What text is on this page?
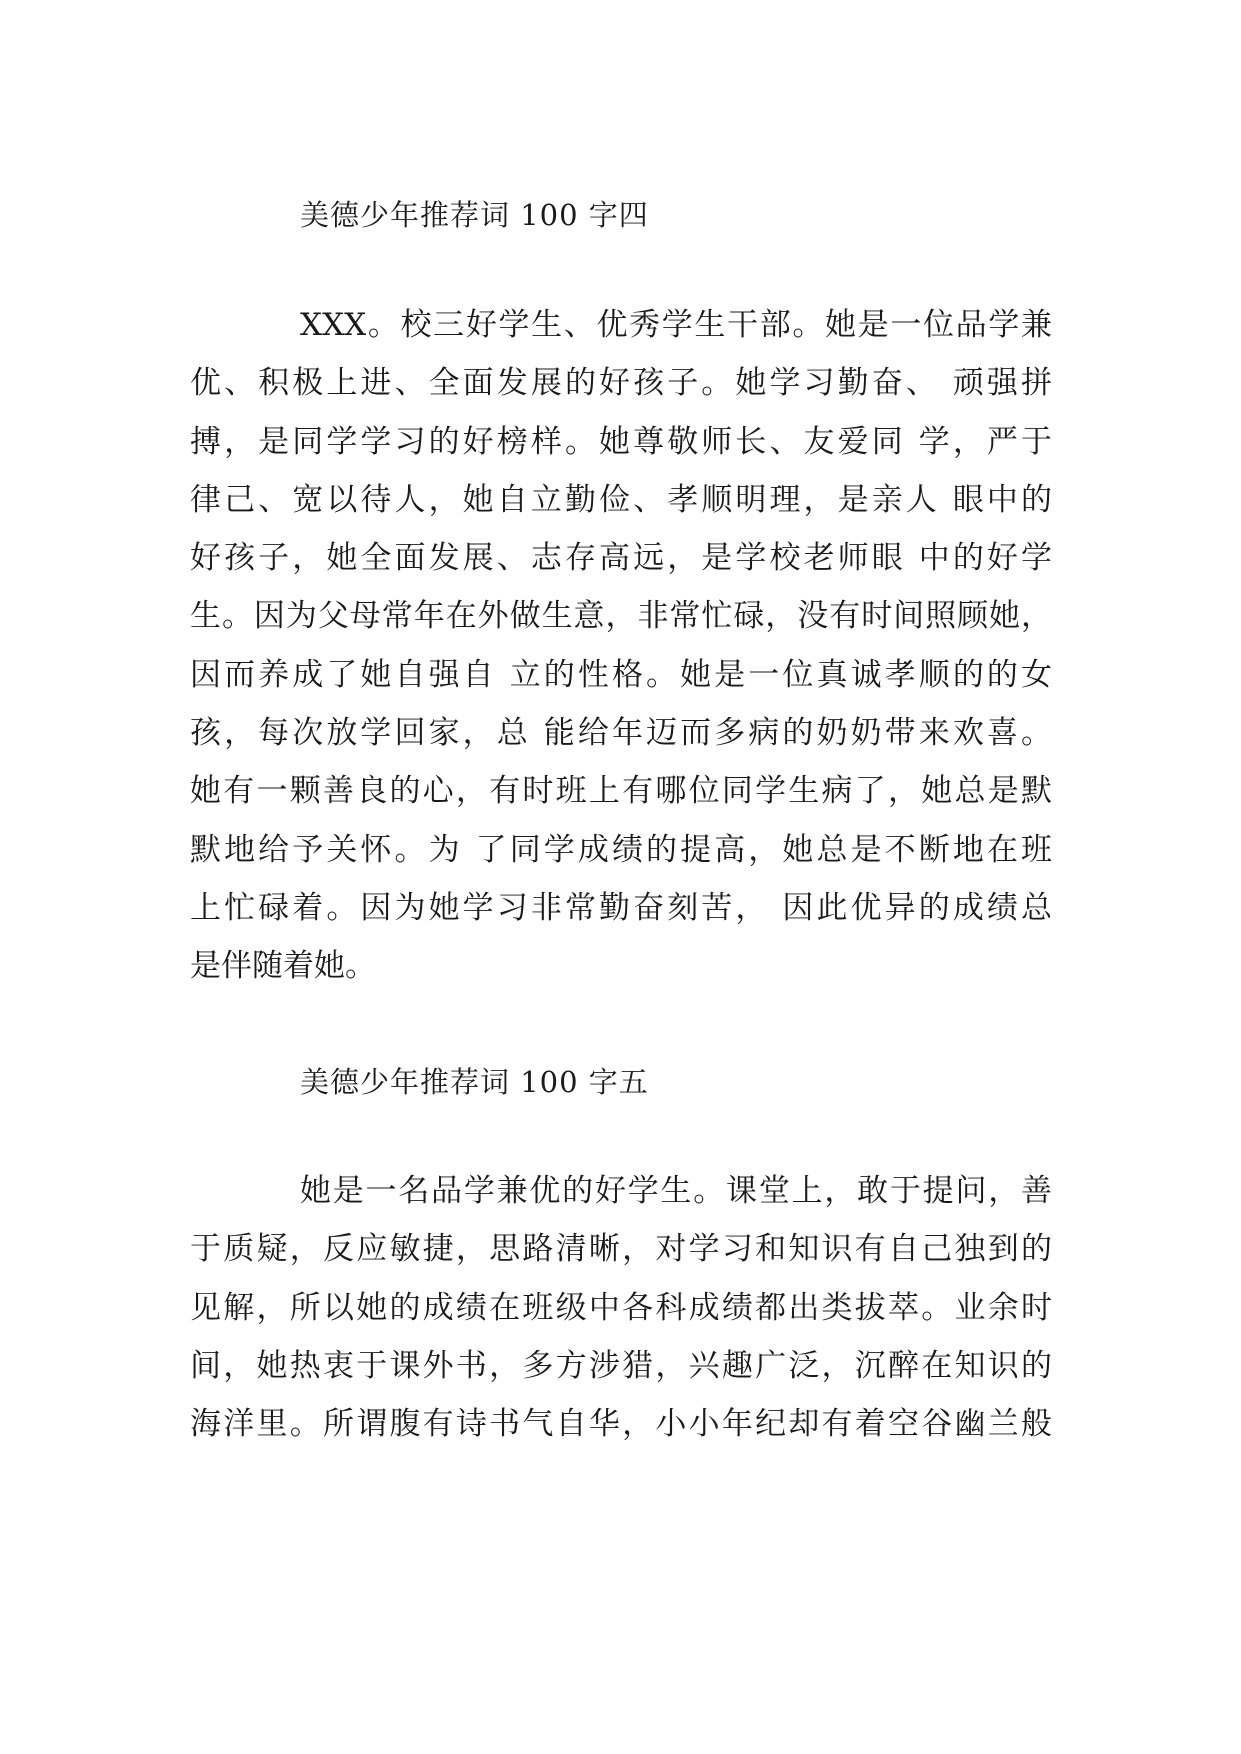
美德少年推荐词 100 字四
XXX。校三好学生、优秀学生干部。她是一位品学兼
优、积极上进、全面发展的好孩子。她学习勤奋、 顽强拼
搏，是同学学习的好榜样。她尊敬师长、友爱同 学，严于
律己、宽以待人，她自立勤俭、孝顺明理，是亲人 眼中的
好孩子，她全面发展、志存高远，是学校老师眼 中的好学
生。因为父母常年在外做生意，非常忙碌，没有时间照顾她，
因而养成了她自强自 立的性格。她是一位真诚孝顺的的女
孩，每次放学回家，总 能给年迈而多病的奶奶带来欢喜。
她有一颗善良的心，有时班上有哪位同学生病了，她总是默
默地给予关怀。为 了同学成绩的提高，她总是不断地在班
上忙碌着。因为她学习非常勤奋刻苦， 因此优异的成绩总
是伴随着她。
美德少年推荐词 100 字五
她是一名品学兼优的好学生。课堂上，敢于提问，善
于质疑，反应敏捷，思路清晰，对学习和知识有自己独到的
见解，所以她的成绩在班级中各科成绩都出类拔萃。业余时
间，她热衷于课外书，多方涉猎，兴趣广泛，沉醉在知识的
海洋里。所谓腹有诗书气自华，小小年纪却有着空谷幽兰般
